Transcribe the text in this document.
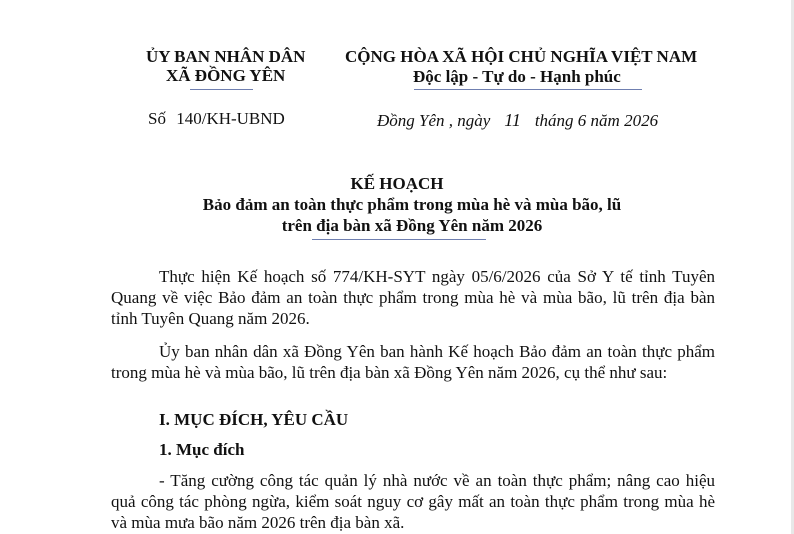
ỦY BAN NHÂN DÂN
XÃ ĐỒNG YÊN
CỘNG HÒA XÃ HỘI CHỦ NGHĨA VIỆT NAM
Độc lập - Tự do - Hạnh phúc
Số 140/KH-UBND	Đồng Yên , ngày 11 tháng 6 năm 2026
KẾ HOẠCH
Bảo đảm an toàn thực phẩm trong mùa hè và mùa bão, lũ
trên địa bàn xã Đồng Yên năm 2026
Thực hiện Kế hoạch số 774/KH-SYT ngày 05/6/2026 của Sở Y tế tỉnh Tuyên Quang về việc Bảo đảm an toàn thực phẩm trong mùa hè và mùa bão, lũ trên địa bàn tỉnh Tuyên Quang năm 2026.
Ủy ban nhân dân xã Đồng Yên ban hành Kế hoạch Bảo đảm an toàn thực phẩm trong mùa hè và mùa bão, lũ trên địa bàn xã Đồng Yên năm 2026, cụ thể như sau:
I. MỤC ĐÍCH, YÊU CẦU
1. Mục đích
- Tăng cường công tác quản lý nhà nước về an toàn thực phẩm; nâng cao hiệu quả công tác phòng ngừa, kiểm soát nguy cơ gây mất an toàn thực phẩm trong mùa hè và mùa mưa bão năm 2026 trên địa bàn xã.
